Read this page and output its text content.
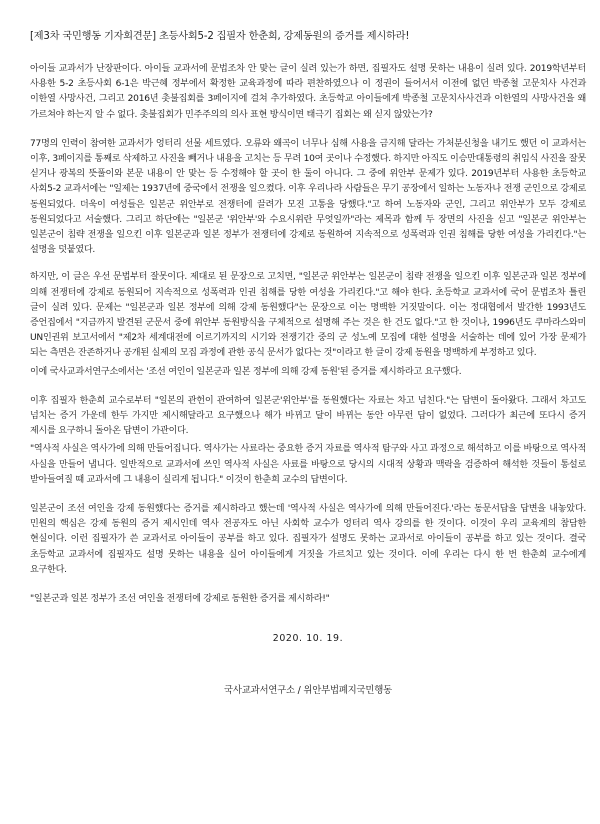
[제3차 국민행동 기자회견문] 초등사회5-2 집필자 한춘희, 강제동원의 증거를 제시하라!

아이들 교과서가 난장판이다. 아이들 교과서에 문법조차 안 맞는 글이 실려 있는가 하면, 집필자도 설명 못하는 내용이 실려 있다. 2019학년부터 사용한 5-2 초등사회 6-1은 박근혜 정부에서 확정한 교육과정에 따라 편찬하였으나 이 정권이 들어서서 이전에 없던 박종철 고문치사 사건과 이한열 사망사건, 그리고 2016년 촛불집회를 3페이지에 걸쳐 추가하였다. 초등학교 아이들에게 박종철 고문치사사건과 이한열의 사망사건을 왜 가르쳐야 하는지 알 수 없다. 촛불집회가 민주주의의 의사 표현 방식이면 태극기 집회는 왜 싣지 않았는가?

77명의 인력이 참여한 교과서가 엉터리 선물 세트였다. 오류와 왜곡이 너무나 심해 사용을 금지해 달라는 가처분신청을 내기도 했던 이 교과서는 이후, 3페이지를 통째로 삭제하고 사진을 빼거나 내용을 고치는 등 무려 10여 곳이나 수정했다. 하지만 아직도 이승만대통령의 취임식 사진을 잘못 싣거나 광복의 뜻풀이와 본문 내용이 안 맞는 등 수정해야 할 곳이 한 둘이 아니다. 그 중에 위안부 문제가 있다. 2019년부터 사용한 초등학교 사회5-2 교과서에는 "일제는 1937년에 중국에서 전쟁을 일으켰다. 이후 우리나라 사람들은 무기 공장에서 일하는 노동자나 전쟁 군인으로 강제로 동원되었다. 더욱이 여성들은 일본군 위안부로 전쟁터에 끌려가 모진 고통을 당했다."고 하여 노동자와 군인, 그리고 위안부가 모두 강제로 동원되었다고 서술했다. 그리고 하단에는 "일본군 '위안부'와 수요시위란 무엇일까"라는 제목과 함께 두 장면의 사진을 싣고 "일본군 위안부는 일본군이 침략 전쟁을 일으킨 이후 일본군과 일본 정부가 전쟁터에 강제로 동원하여 지속적으로 성폭력과 인권 침해를 당한 여성을 가리킨다."는 설명을 덧붙였다.

하지만, 이 글은 우선 문법부터 잘못이다. 제대로 된 문장으로 고치면, "일본군 위안부는 일본군이 침략 전쟁을 일으킨 이후 일본군과 일본 정부에 의해 전쟁터에 강제로 동원되어 지속적으로 성폭력과 인권 침해를 당한 여성을 가리킨다."고 해야 한다. 초등학교 교과서에 국어 문법조차 틀린 글이 실려 있다. 문제는 "일본군과 일본 정부에 의해 강제 동원했다"는 문장으로 이는 명백한 거짓말이다. 이는 정대협에서 발간한 1993년도 증언집에서 "지금까지 발견된 군문서 중에 위안부 동원방식을 구체적으로 설명해 주는 것은 한 건도 없다."고 한 것이나, 1996년도 쿠마라스와미 UN인권위 보고서에서 "제2차 세계대전에 이르기까지의 시기와 전쟁기간 중의 군 성노예 모집에 대한 설명을 서술하는 데에 있어 가장 문제가 되는 측면은 잔존하거나 공개된 실제의 모집 과정에 관한 공식 문서가 없다는 것"이라고 한 글이 강제 동원을 명백하게 부정하고 있다.

이에 국사교과서연구소에서는 '조선 여인이 일본군과 일본 정부에 의해 강제 동원'된 증거를 제시하라고 요구했다.

이후 집필자 한춘희 교수로부터 "일본의 관헌이 관여하여 일본군'위안부'를 동원했다는 자료는 차고 넘친다."는 답변이 돌아왔다. 그래서 차고도 넘치는 증거 가운데 한두 가지만 제시해달라고 요구했으나 해가 바뀌고 달이 바뀌는 동안 아무런 답이 없었다. 그러다가 최근에 또다시 증거 제시를 요구하니 돌아온 답변이 가관이다.

"역사적 사실은 역사가에 의해 만들어집니다. 역사가는 사료라는 중요한 증거 자료를 역사적 탐구와 사고 과정으로 해석하고 이를 바탕으로 역사적 사실을 만들어 냅니다. 일반적으로 교과서에 쓰인 역사적 사실은 사료를 바탕으로 당시의 시대적 상황과 맥락을 검증하여 해석한 것들이 통설로 받아들여질 때 교과서에 그 내용이 실리게 됩니다." 이것이 한춘희 교수의 답변이다.

일본군이 조선 여인을 강제 동원했다는 증거를 제시하라고 했는데 '역사적 사실은 역사가에 의해 만들어진다.'라는 동문서답을 답변을 내놓았다. 민원의 핵심은 강제 동원의 증거 제시인데 역사 전공자도 아닌 사회학 교수가 엉터리 역사 강의를 한 것이다. 이것이 우리 교육계의 참담한 현실이다. 이런 집필자가 쓴 교과서로 아이들이 공부를 하고 있다. 집필자가 설명도 못하는 교과서로 아이들이 공부를 하고 있는 것이다. 결국 초등학교 교과서에 집필자도 설명 못하는 내용을 실어 아이들에게 거짓을 가르치고 있는 것이다. 이에 우리는 다시 한 번 한춘희 교수에게 요구한다.

"일본군과 일본 정부가 조선 여인을 전쟁터에 강제로 동원한 증거를 제시하라!"

2020. 10. 19.
국사교과서연구소 / 위안부법폐지국민행동
